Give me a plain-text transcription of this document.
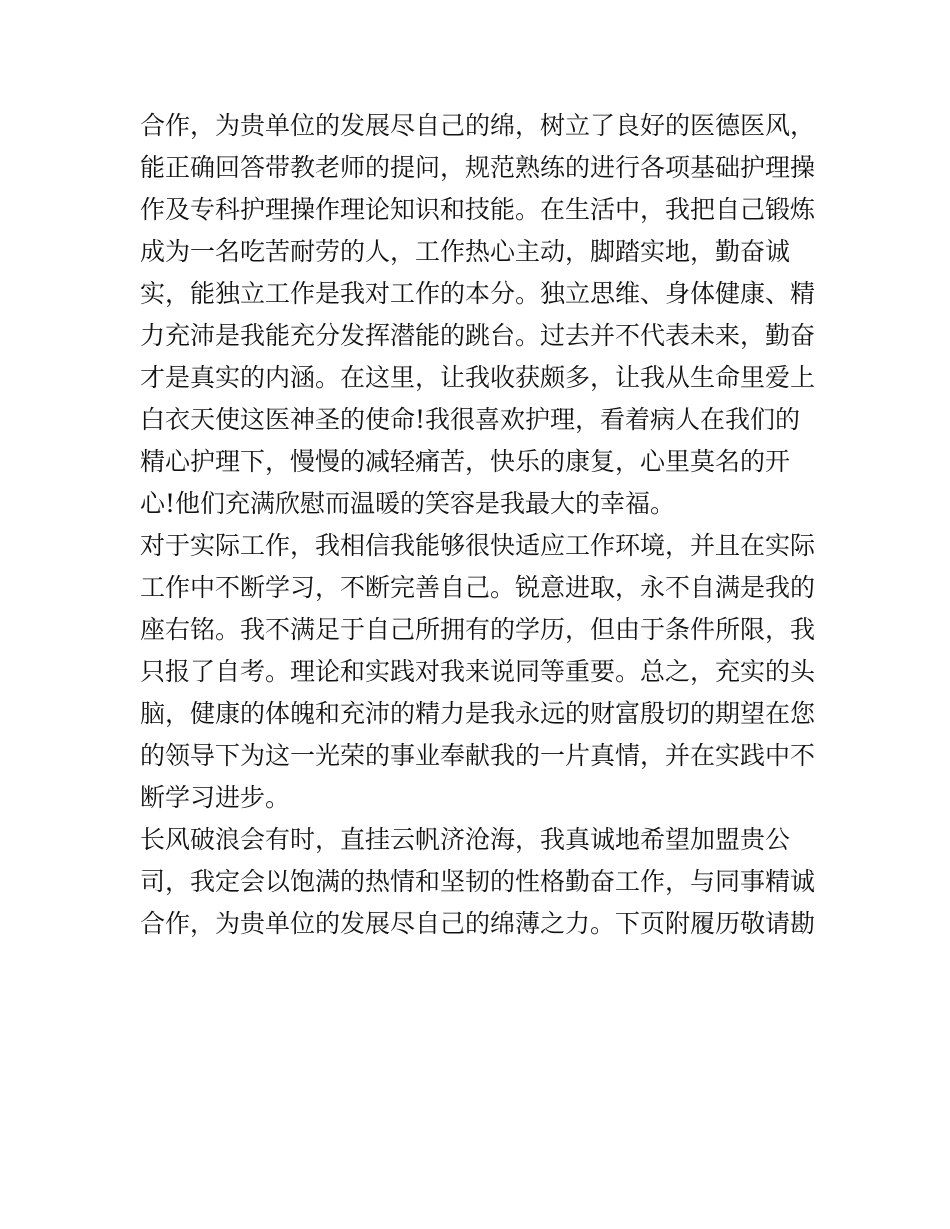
合作，为贵单位的发展尽自己的绵，树立了良好的医德医风，
能正确回答带教老师的提问，规范熟练的进行各项基础护理操
作及专科护理操作理论知识和技能。在生活中，我把自己锻炼
成为一名吃苦耐劳的人，工作热心主动，脚踏实地，勤奋诚
实，能独立工作是我对工作的本分。独立思维、身体健康、精
力充沛是我能充分发挥潜能的跳台。过去并不代表未来，勤奋
才是真实的内涵。在这里，让我收获颇多，让我从生命里爱上
白衣天使这医神圣的使命!我很喜欢护理，看着病人在我们的
精心护理下，慢慢的减轻痛苦，快乐的康复，心里莫名的开
心!他们充满欣慰而温暖的笑容是我最大的幸福。
对于实际工作，我相信我能够很快适应工作环境，并且在实际
工作中不断学习，不断完善自己。锐意进取，永不自满是我的
座右铭。我不满足于自己所拥有的学历，但由于条件所限，我
只报了自考。理论和实践对我来说同等重要。总之，充实的头
脑，健康的体魄和充沛的精力是我永远的财富殷切的期望在您
的领导下为这一光荣的事业奉献我的一片真情，并在实践中不
断学习进步。
长风破浪会有时，直挂云帆济沧海，我真诚地希望加盟贵公
司，我定会以饱满的热情和坚韧的性格勤奋工作，与同事精诚
合作，为贵单位的发展尽自己的绵薄之力。下页附履历敬请勘
